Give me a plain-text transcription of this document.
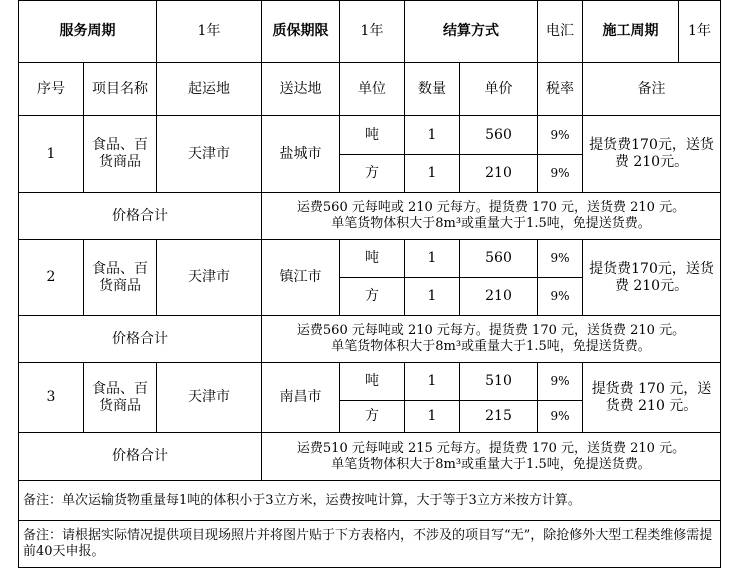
服务周期		1年	质保期限	1年	结算方式		电汇	施工周期	1年
序号	项目名称	起运地	送达地	单位	数量	单价	税率	备注	
1	食品、百货商品	天津市	盐城市	吨	1	560	9%	提货费170元，送货费 210元。	
				方	1	210	9%		
价格合计			运费560 元每吨或 210 元每方。提货费 170 元，送货费 210 元。
单笔货物体积大于8m³或重量大于1.5吨，免提送货费。						

2	食品、百货商品	天津市	镇江市	吨	1	560	9%	提货费170元，送货费 210元。	
				方	1	210	9%		
价格合计			运费560 元每吨或 210 元每方。提货费 170 元，送货费 210 元。
单笔货物体积大于8m³或重量大于1.5吨，免提送货费。						

3	食品、百货商品	天津市	南昌市	吨	1	510	9%	提货费 170 元，送货费 210 元。	
				方	1	215	9%		
价格合计			运费510 元每吨或 215 元每方。提货费 170 元，送货费 210 元。
单笔货物体积大于8m³或重量大于1.5吨，免提送货费。						

备注：单次运输货物重量每1吨的体积小于3立方米，运费按吨计算，大于等于3立方米按方计算。									
备注：请根据实际情况提供项目现场照片并将图片贴于下方表格内，不涉及的项目写“无”，除抢修外大型工程类维修需提前40天申报。									
